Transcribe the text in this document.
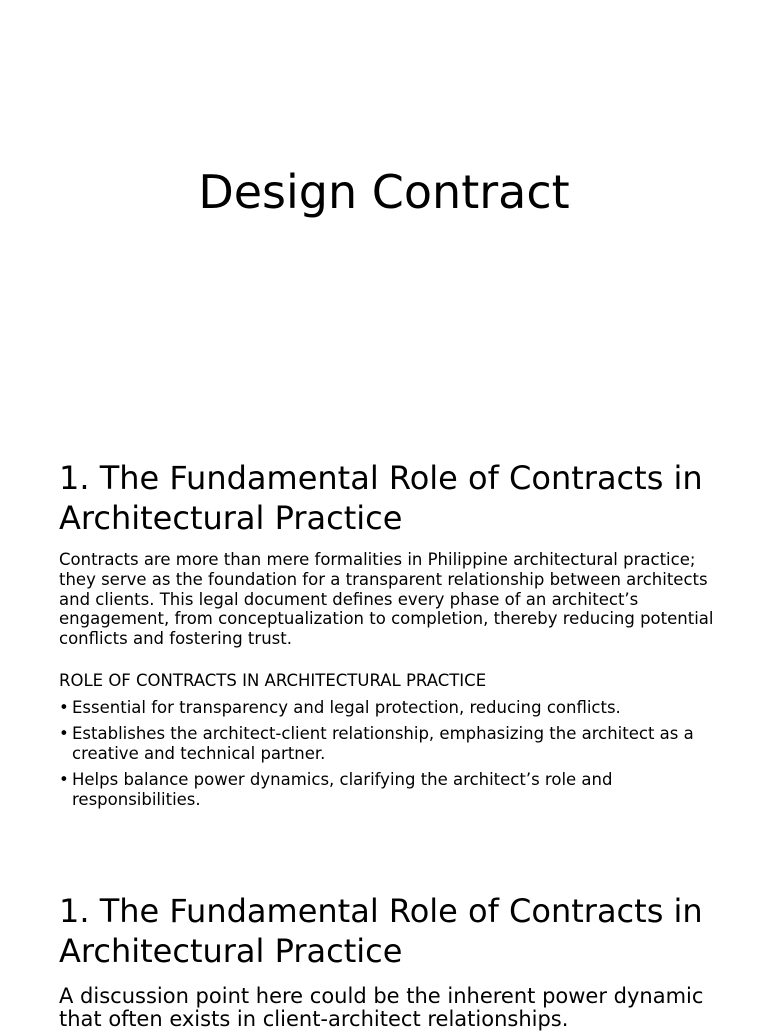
Design Contract
1. The Fundamental Role of Contracts in Architectural Practice

Contracts are more than mere formalities in Philippine architectural practice; they serve as the foundation for a transparent relationship between architects and clients. This legal document defines every phase of an architect’s engagement, from conceptualization to completion, thereby reducing potential conflicts and fostering trust.

ROLE OF CONTRACTS IN ARCHITECTURAL PRACTICE

• Essential for transparency and legal protection, reducing conflicts.
• Establishes the architect-client relationship, emphasizing the architect as a creative and technical partner.
• Helps balance power dynamics, clarifying the architect’s role and responsibilities.
1. The Fundamental Role of Contracts in Architectural Practice

A discussion point here could be the inherent power dynamic that often exists in client-architect relationships.
